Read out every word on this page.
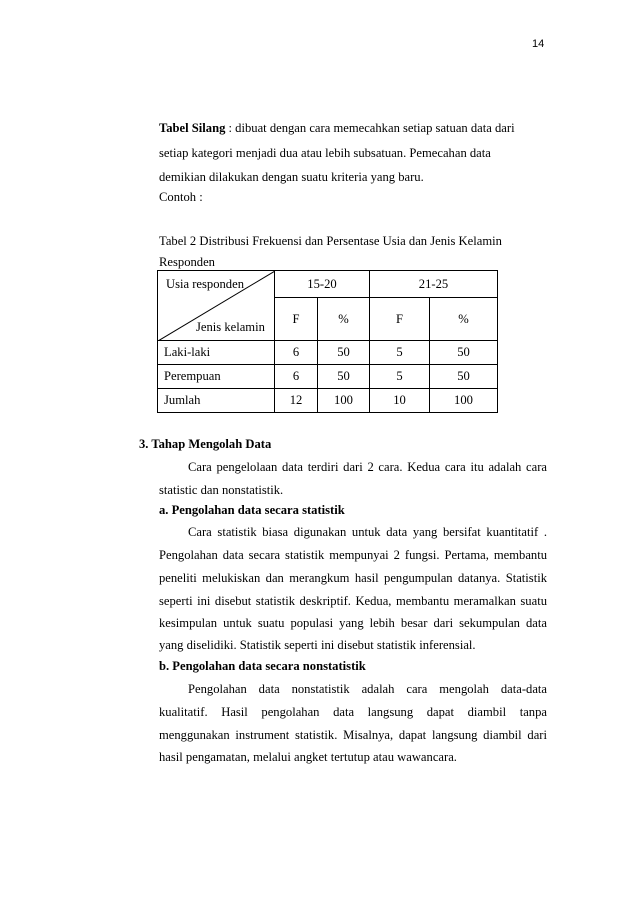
14
Tabel Silang : dibuat dengan cara memecahkan setiap satuan data dari
setiap kategori menjadi dua atau lebih subsatuan. Pemecahan data
demikian dilakukan dengan suatu kriteria yang baru.
Contoh :
Tabel 2 Distribusi Frekuensi dan Persentase Usia dan Jenis Kelamin
Responden
Usia responden
Jenis kelamin	15-20		21-25	
	F	%	F	%
Laki-laki	6	50	5	50
Perempuan	6	50	5	50
Jumlah	12	100	10	100
3. Tahap Mengolah Data
Cara pengelolaan data terdiri dari 2 cara. Kedua cara itu adalah cara
statistic dan nonstatistik.
a. Pengolahan data secara statistik
Cara statistik biasa digunakan untuk data yang bersifat kuantitatif .
Pengolahan data secara statistik mempunyai 2 fungsi. Pertama, membantu
peneliti melukiskan dan merangkum hasil pengumpulan datanya. Statistik
seperti ini disebut statistik deskriptif. Kedua, membantu meramalkan suatu
kesimpulan untuk suatu populasi yang lebih besar dari sekumpulan data
yang diselidiki. Statistik seperti ini disebut statistik inferensial.
b. Pengolahan data secara nonstatistik
Pengolahan data nonstatistik adalah cara mengolah data-data
kualitatif. Hasil pengolahan data langsung dapat diambil tanpa
menggunakan instrument statistik. Misalnya, dapat langsung diambil dari
hasil pengamatan, melalui angket tertutup atau wawancara.
